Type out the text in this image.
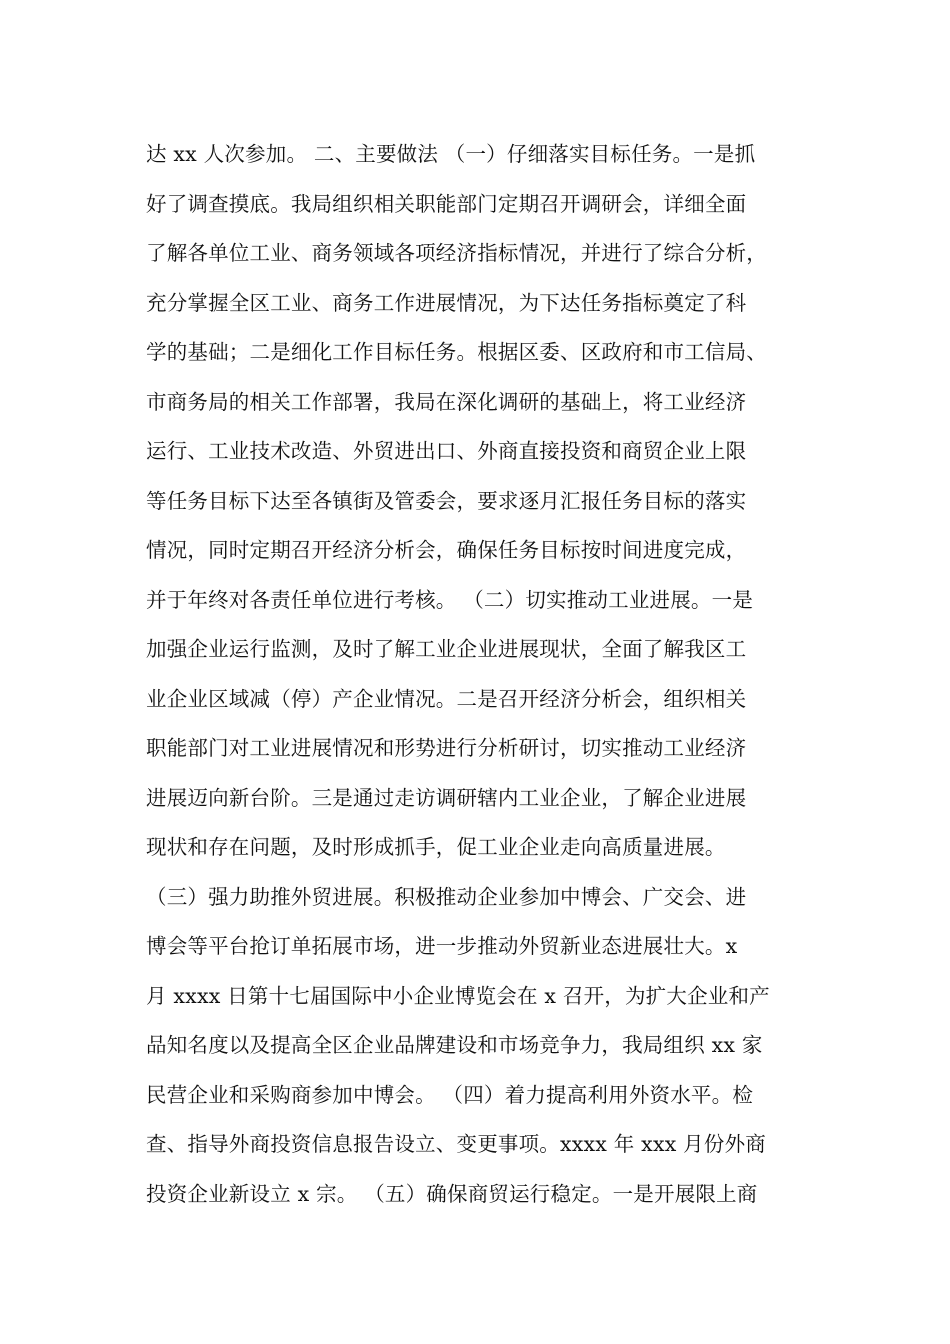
达 xx 人次参加。 二、主要做法 （一）仔细落实目标任务。一是抓
好了调查摸底。我局组织相关职能部门定期召开调研会，详细全面
了解各单位工业、商务领域各项经济指标情况，并进行了综合分析，
充分掌握全区工业、商务工作进展情况，为下达任务指标奠定了科
学的基础；二是细化工作目标任务。根据区委、区政府和市工信局、
市商务局的相关工作部署，我局在深化调研的基础上，将工业经济
运行、工业技术改造、外贸进出口、外商直接投资和商贸企业上限
等任务目标下达至各镇街及管委会，要求逐月汇报任务目标的落实
情况，同时定期召开经济分析会，确保任务目标按时间进度完成，
并于年终对各责任单位进行考核。 （二）切实推动工业进展。一是
加强企业运行监测，及时了解工业企业进展现状，全面了解我区工
业企业区域减（停）产企业情况。二是召开经济分析会，组织相关
职能部门对工业进展情况和形势进行分析研讨，切实推动工业经济
进展迈向新台阶。三是通过走访调研辖内工业企业，了解企业进展
现状和存在问题，及时形成抓手，促工业企业走向高质量进展。
（三）强力助推外贸进展。积极推动企业参加中博会、广交会、进
博会等平台抢订单拓展市场，进一步推动外贸新业态进展壮大。x
月 xxxx 日第十七届国际中小企业博览会在 x 召开，为扩大企业和产
品知名度以及提高全区企业品牌建设和市场竞争力，我局组织 xx 家
民营企业和采购商参加中博会。 （四）着力提高利用外资水平。检
查、指导外商投资信息报告设立、变更事项。xxxx 年 xxx 月份外商
投资企业新设立 x 宗。 （五）确保商贸运行稳定。一是开展限上商
